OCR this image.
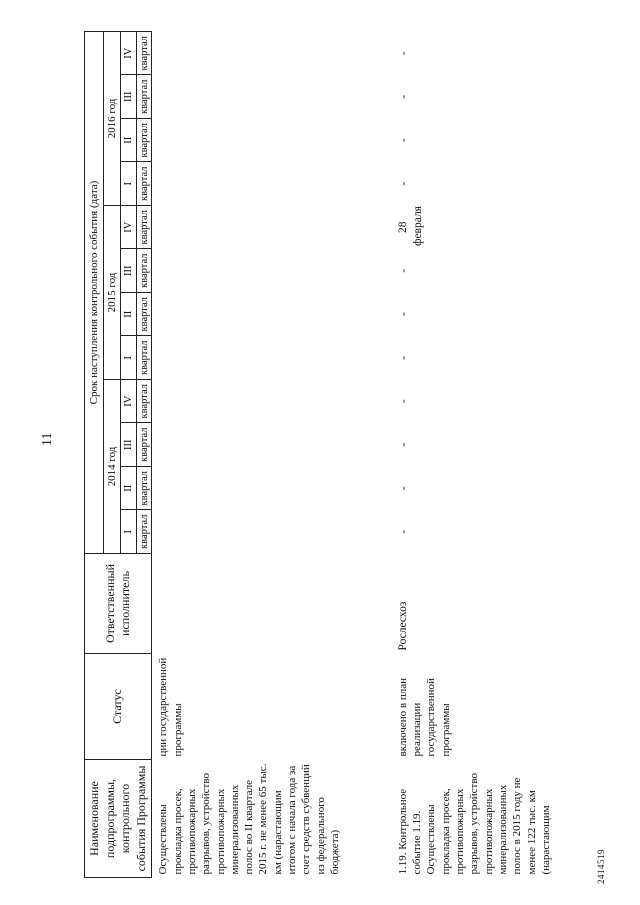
11
Наименование подпрограммы, контрольного события Программы	Статус	Ответственный исполнитель	Срок наступления контрольного события (дата)											
			2014 год				2015 год				2016 год			
			I	II	III	IV	I	II	III	IV	I	II	III	IV
			квартал	квартал	квартал	квартал	квартал	квартал	квартал	квартал	квартал	квартал	квартал	квартал
Осуществлены прокладка просек, противопожарных разрывов, устройство противопожарных минерализованных полос во II квартале 2015 г. не менее 65 тыс. км (нарастающим итогом с начала года за счет средств субвенций из федерального бюджета)	ции государственной программы													
1.19. Контрольное событие 1.19. Осуществлены прокладка просек, противопожарных разрывов, устройство противопожарных минерализованных полос в 2015 году не менее 122 тыс. км (нарастающим	включено в план реализации государственной программы	Рослесхоз	-	-	-	-	-	-	-	28 февраля	-	-	-	-
2414519
